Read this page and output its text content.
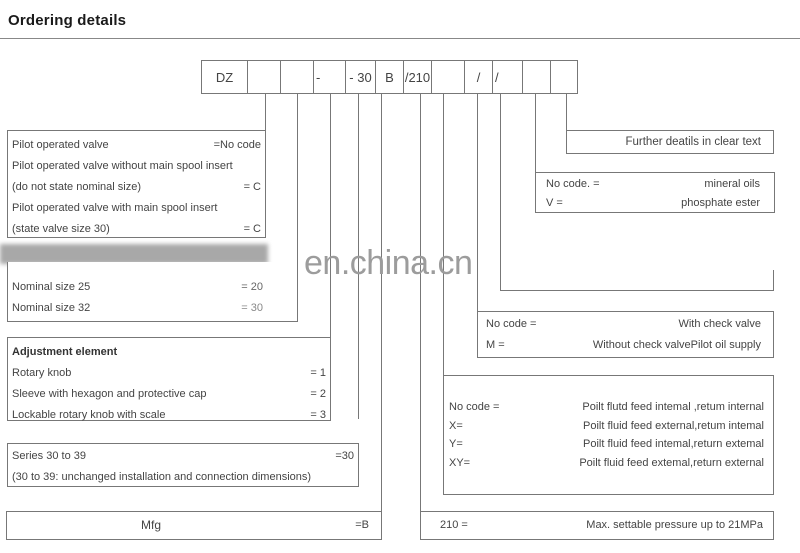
Ordering details
DZ	-	- 30	B /210	/	/
Pilot operated valve	=No code
Pilot operated valve without main spool insert
(do not state nominal size)	= C
Pilot operated valve with main spool insert
(state valve size 30)	= C
en.china.cn
Nominal size 25	= 20
Nominal size 32	= 30
Adjustment element
Rotary knob	= 1
Sleeve with hexagon and protective cap	= 2
Lockable rotary knob with scale	= 3
Series 30 to 39	=30
(30 to 39: unchanged installation and connection dimensions)
Mfg	=B
Further deatils in clear text
No code. =	mineral oils
V =	phosphate ester
No code =	With check valve
M =	Without check valvePilot oil supply
No code =	Poilt flutd feed intemal ,retum internal
X=	Poilt fluid feed external,retum intemal
Y=	Poilt fluid feed intemal,return extemal
XY=	Poilt fluid feed extemal,return external
210 =	Max. settable pressure up to 21MPa
